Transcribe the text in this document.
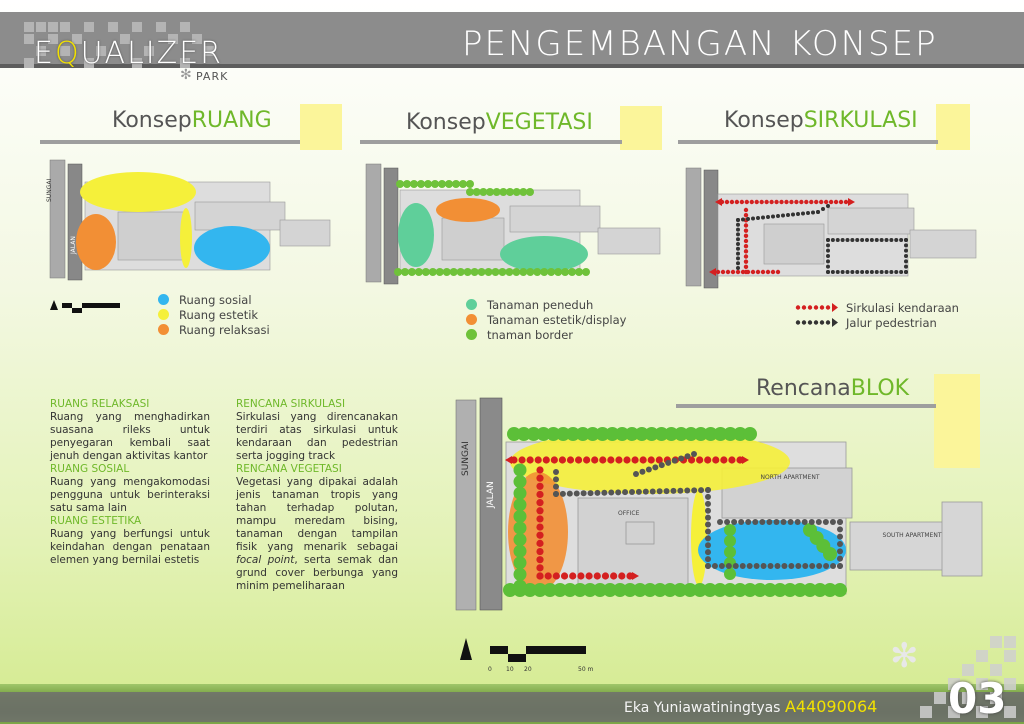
EQUALIZER
✻ PARK
PENGEMBANGAN KONSEP
KonsepRUANG	KonsepVEGETASI	KonsepSIRKULASI
RencanaBLOK
SUNGAI
JALAN
Ruang sosial
Ruang estetik
Ruang relaksasi
Tanaman peneduh
Tanaman estetik/display
tnaman border
Sirkulasi kendaraan
Jalur pedestrian
RUANG RELAKSASI

Ruang yang menghadirkan suasana rileks untuk penyegaran kembali saat jenuh dengan aktivitas kantor

RUANG SOSIAL

Ruang yang mengakomodasi pengguna untuk berinteraksi satu sama lain

RUANG ESTETIKA

Ruang yang berfungsi untuk keindahan dengan penataan elemen yang bernilai estetis

RENCANA SIRKULASI

Sirkulasi yang direncanakan terdiri atas sirkulasi untuk kendaraan dan pedestrian serta jogging track

RENCANA VEGETASI

Vegetasi yang dipakai adalah jenis tanaman tropis yang tahan terhadap polutan, mampu meredam bising, tanaman dengan tampilan fisik yang menarik sebagai focal point, serta semak dan grund cover berbunga yang minim pemeliharaan

SUNGAI
JALAN
OFFICE
NORTH APARTMENT
SOUTH APARTMENT
0 10 20	50 m	✻
Eka Yuniawatiningtyas A44090064 03
